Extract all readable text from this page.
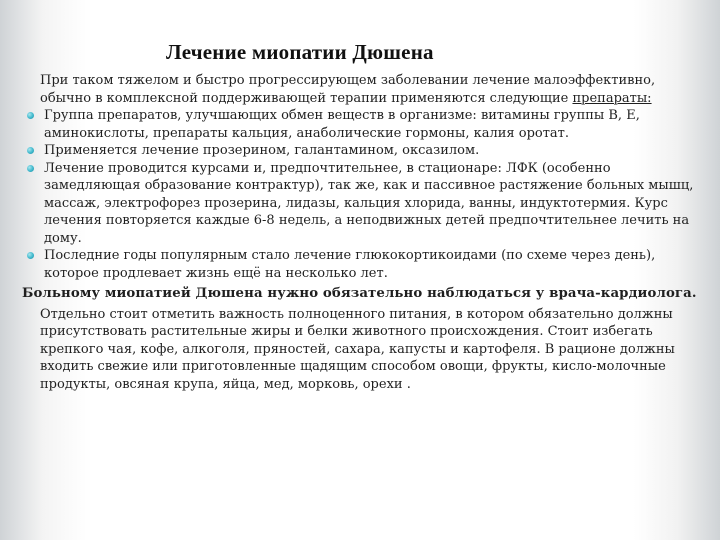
Лечение миопатии Дюшена

При таком тяжелом и быстро прогрессирующем заболевании лечение малоэффективно, обычно в комплексной поддерживающей терапии применяются следующие препараты:

Группа препаратов, улучшающих обмен веществ в организме: витамины группы В, Е, аминокислоты, препараты кальция, анаболические гормоны, калия оротат.
Применяется лечение прозерином, галантамином, оксазилом.
Лечение проводится курсами и, предпочтительнее, в стационаре: ЛФК (особенно замедляющая образование контрактур), так же, как и пассивное растяжение больных мышц, массаж, электрофорез прозерина, лидазы, кальция хлорида, ванны, индуктотермия. Курс лечения повторяется каждые 6-8 недель, а неподвижных детей предпочтительнее лечить на дому.
Последние годы популярным стало лечение глюкокортикоидами (по схеме через день), которое продлевает жизнь ещё на несколько лет.
Больному миопатией Дюшена нужно обязательно наблюдаться у врача-кардиолога.

Отдельно стоит отметить важность полноценного питания, в котором обязательно должны присутствовать растительные жиры и белки животного происхождения. Стоит избегать крепкого чая, кофе, алкоголя, пряностей, сахара, капусты и картофеля. В рационе должны входить свежие или приготовленные щадящим способом овощи, фрукты, кисло-молочные продукты, овсяная крупа, яйца, мед, морковь, орехи .
